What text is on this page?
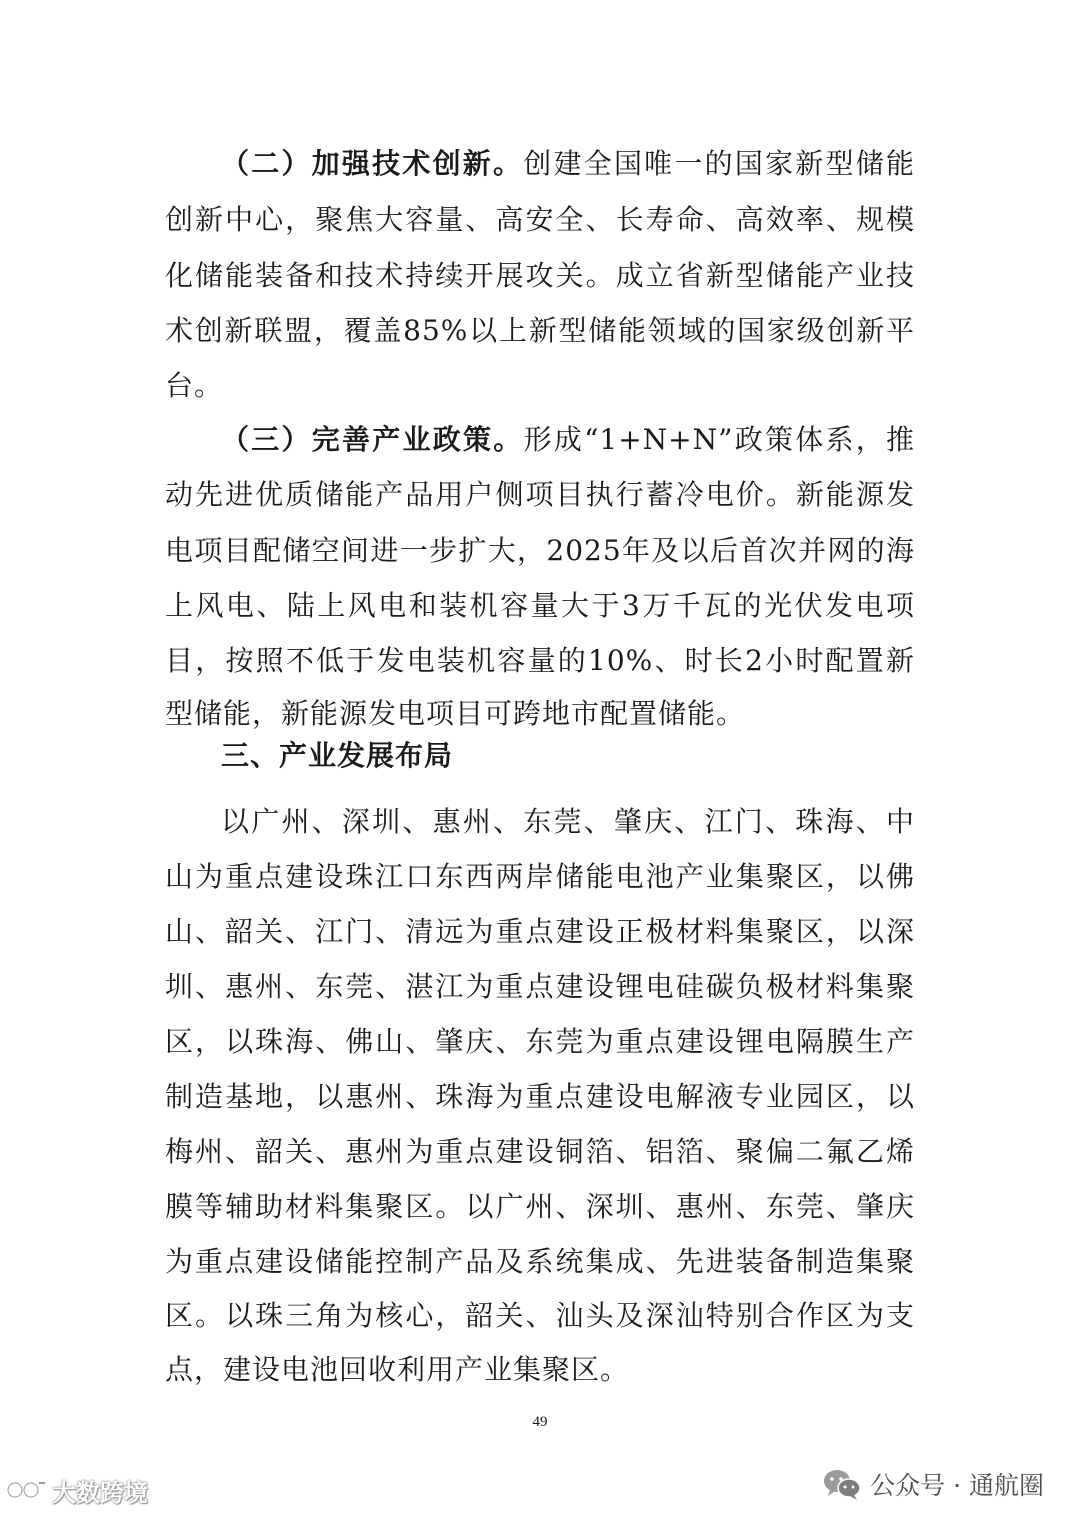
（二）加强技术创新。创建全国唯一的国家新型储能
创新中心，聚焦大容量、高安全、长寿命、高效率、规模
化储能装备和技术持续开展攻关。成立省新型储能产业技
术创新联盟，覆盖85%以上新型储能领域的国家级创新平
台。
（三）完善产业政策。形成“1+N+N”政策体系，推
动先进优质储能产品用户侧项目执行蓄冷电价。新能源发
电项目配储空间进一步扩大，2025年及以后首次并网的海
上风电、陆上风电和装机容量大于3万千瓦的光伏发电项
目，按照不低于发电装机容量的10%、时长2小时配置新
型储能，新能源发电项目可跨地市配置储能。
三、产业发展布局
以广州、深圳、惠州、东莞、肇庆、江门、珠海、中
山为重点建设珠江口东西两岸储能电池产业集聚区，以佛
山、韶关、江门、清远为重点建设正极材料集聚区，以深
圳、惠州、东莞、湛江为重点建设锂电硅碳负极材料集聚
区，以珠海、佛山、肇庆、东莞为重点建设锂电隔膜生产
制造基地，以惠州、珠海为重点建设电解液专业园区，以
梅州、韶关、惠州为重点建设铜箔、铝箔、聚偏二氟乙烯
膜等辅助材料集聚区。以广州、深圳、惠州、东莞、肇庆
为重点建设储能控制产品及系统集成、先进装备制造集聚
区。以珠三角为核心，韶关、汕头及深汕特别合作区为支
点，建设电池回收利用产业集聚区。
49
大数跨境	公众号 · 通航圈
